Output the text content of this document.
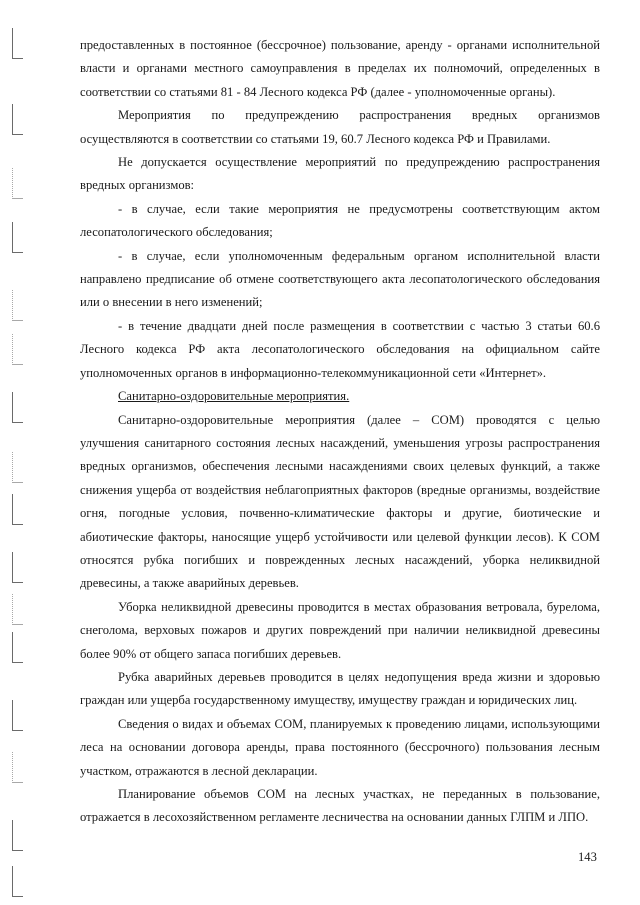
предоставленных в постоянное (бессрочное) пользование, аренду - органами исполнительной власти и органами местного самоуправления в пределах их полномочий, определенных в соответствии со статьями 81 - 84 Лесного кодекса РФ (далее - уполномоченные органы).

Мероприятия по предупреждению распространения вредных организмов осуществляются в соответствии со статьями 19, 60.7 Лесного кодекса РФ и Правилами.

Не допускается осуществление мероприятий по предупреждению распространения вредных организмов:

- в случае, если такие мероприятия не предусмотрены соответствующим актом лесопатологического обследования;

- в случае, если уполномоченным федеральным органом исполнительной власти направлено предписание об отмене соответствующего акта лесопатологического обследования или о внесении в него изменений;

- в течение двадцати дней после размещения в соответствии с частью 3 статьи 60.6 Лесного кодекса РФ акта лесопатологического обследования на официальном сайте уполномоченных органов в информационно-телекоммуникационной сети «Интернет».

Санитарно-оздоровительные мероприятия.

Санитарно-оздоровительные мероприятия (далее – СОМ) проводятся с целью улучшения санитарного состояния лесных насаждений, уменьшения угрозы распространения вредных организмов, обеспечения лесными насаждениями своих целевых функций, а также снижения ущерба от воздействия неблагоприятных факторов (вредные организмы, воздействие огня, погодные условия, почвенно-климатические факторы и другие, биотические и абиотические факторы, наносящие ущерб устойчивости или целевой функции лесов). К СОМ относятся рубка погибших и поврежденных лесных насаждений, уборка неликвидной древесины, а также аварийных деревьев.

Уборка неликвидной древесины проводится в местах образования ветровала, бурелома, снеголома, верховых пожаров и других повреждений при наличии неликвидной древесины более 90% от общего запаса погибших деревьев.

Рубка аварийных деревьев проводится в целях недопущения вреда жизни и здоровью граждан или ущерба государственному имуществу, имуществу граждан и юридических лиц.

Сведения о видах и объемах СОМ, планируемых к проведению лицами, использующими леса на основании договора аренды, права постоянного (бессрочного) пользования лесным участком, отражаются в лесной декларации.

Планирование объемов СОМ на лесных участках, не переданных в пользование, отражается в лесохозяйственном регламенте лесничества на основании данных ГЛПМ и ЛПО.

143
